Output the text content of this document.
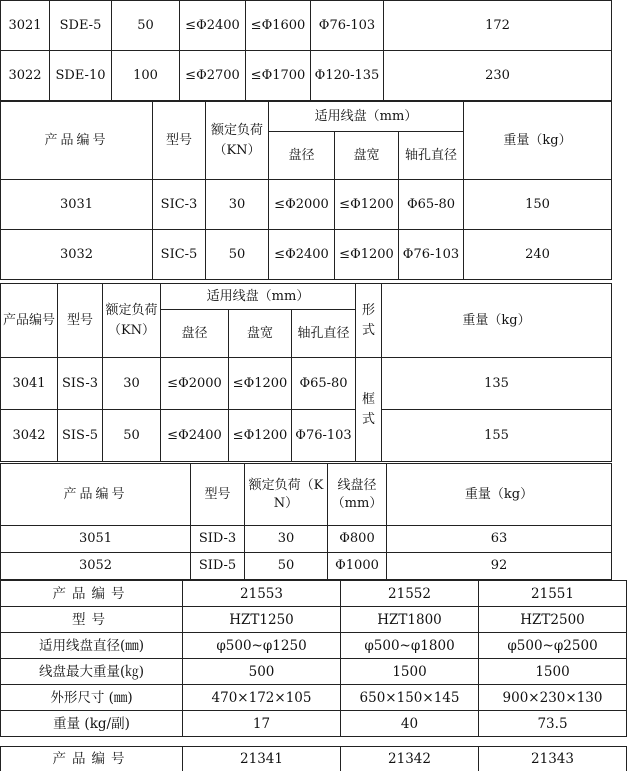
3021	SDE-5	50	≤Φ2400	≤Φ1600	Φ76-103	172
3022	SDE-10	100	≤Φ2700	≤Φ1700	Φ120-135	230
产品编号	型号	额定负荷（KN）	适用线盘（mm）			重量（kg）
			盘径	盘宽	轴孔直径	
3031	SIC-3	30	≤Φ2000	≤Φ1200	Φ65-80	150
3032	SIC-5	50	≤Φ2400	≤Φ1200	Φ76-103	240
产品编号	型号	额定负荷（KN）	适用线盘（mm）			形式	重量（kg）
			盘径	盘宽	轴孔直径		
3041	SIS-3	30	≤Φ2000	≤Φ1200	Φ65-80	框式	135
3042	SIS-5	50	≤Φ2400	≤Φ1200	Φ76-103		155
产品编号	型号	额定负荷（KN）	线盘径（mm）	重量（kg）
3051	SID-3	30	Φ800	63
3052	SID-5	50	Φ1000	92
产品编号	21553	21552	21551
型号	HZT1250	HZT1800	HZT2500
适用线盘直径(㎜)	φ500~φ1250	φ500~φ1800	φ500~φ2500
线盘最大重量(㎏)	500	1500	1500
外形尺寸 (㎜)	470×172×105	650×150×145	900×230×130
重量 (kg/副)	17	40	73.5
产品编号	21341	21342	21343
